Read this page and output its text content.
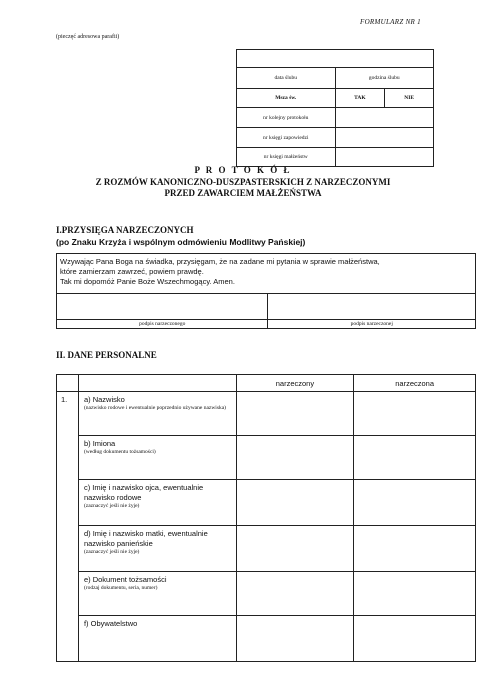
FORMULARZ NR 1
(pieczęć adresowa parafii)

data ślubu	godzina ślubu	
Msza św.	TAK	NIE
nr kolejny protokołu		
nr księgi zapowiedzi		
nr księgi małżeństw		
P R O T O K Ó Ł
Z ROZMÓW KANONICZNO-DUSZPASTERSKICH Z NARZECZONYMI
PRZED ZAWARCIEM MAŁŻEŃSTWA
I.PRZYSIĘGA NARZECZONYCH
(po Znaku Krzyża i wspólnym odmówieniu Modlitwy Pańskiej)
Wzywając Pana Boga na świadka, przysięgam, że na zadane mi pytania w sprawie małżeństwa,
które zamierzam zawrzeć, powiem prawdę.
Tak mi dopomóż Panie Boże Wszechmogący. Amen.

podpis narzeczonego	podpis narzeczonej
II. DANE PERSONALNE
		narzeczony	narzeczona
1.	a) Nazwisko
(nazwisko rodowe i ewentualnie poprzednio używane nazwiska)		

	b) Imiona
(według dokumentu tożsamości)		

	c) Imię i nazwisko ojca, ewentualnie nazwisko rodowe
(zaznaczyć jeśli nie żyje)		

	d) Imię i nazwisko matki, ewentualnie nazwisko panieńskie
(zaznaczyć jeśli nie żyje)		

	e) Dokument tożsamości
(rodzaj dokumentu, seria, numer)		

	f) Obywatelstwo
